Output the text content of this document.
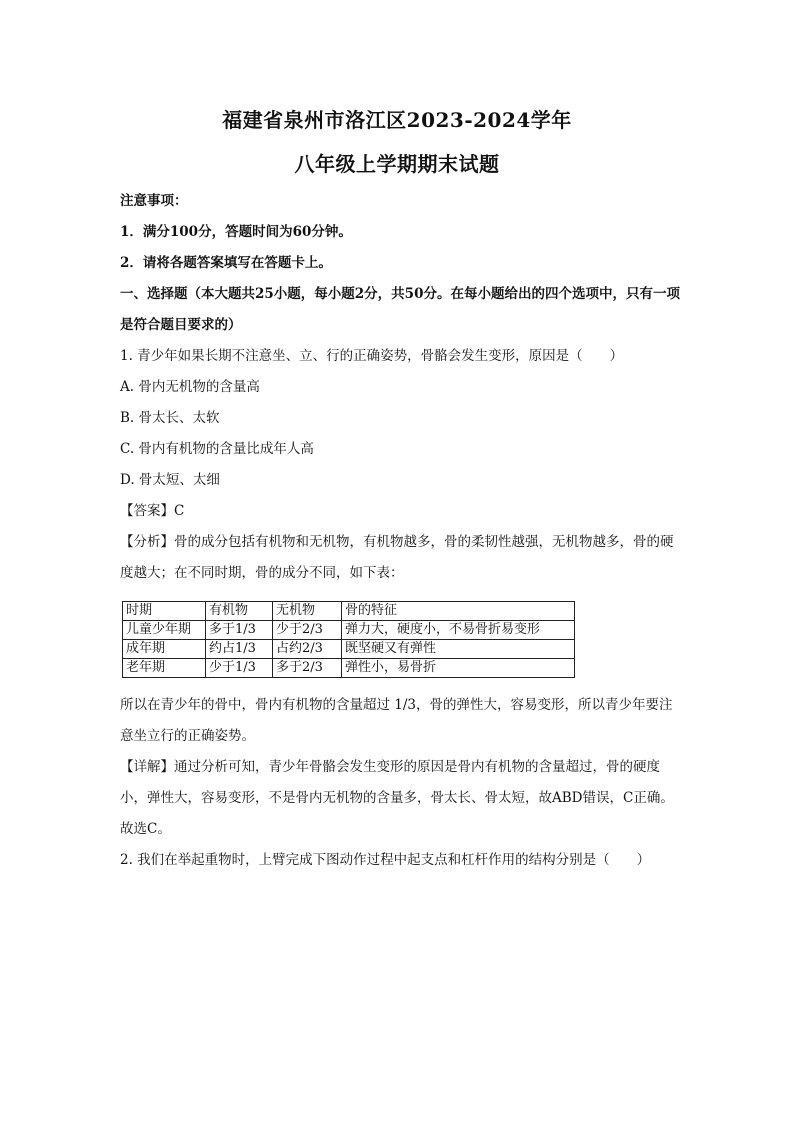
福建省泉州市洛江区2023-2024学年
八年级上学期期末试题
注意事项：
1．满分100分，答题时间为60分钟。
2．请将各题答案填写在答题卡上。
一、选择题（本大题共25小题，每小题2分，共50分。在每小题给出的四个选项中，只有一项是符合题目要求的）
1. 青少年如果长期不注意坐、立、行的正确姿势，骨骼会发生变形，原因是（　　）
A. 骨内无机物的含量高
B. 骨太长、太软
C. 骨内有机物的含量比成年人高
D. 骨太短、太细
【答案】C
【分析】骨的成分包括有机物和无机物，有机物越多，骨的柔韧性越强，无机物越多，骨的硬度越大；在不同时期，骨的成分不同，如下表：
时期	有机物	无机物	骨的特征
儿童少年期	多于1/3	少于2/3	弹力大，硬度小，不易骨折易变形
成年期	约占1/3	占约2/3	既坚硬又有弹性
老年期	少于1/3	多于2/3	弹性小，易骨折
所以在青少年的骨中，骨内有机物的含量超过 1/3，骨的弹性大，容易变形，所以青少年要注意坐立行的正确姿势。
【详解】通过分析可知，青少年骨骼会发生变形的原因是骨内有机物的含量超过，骨的硬度小，弹性大，容易变形，不是骨内无机物的含量多，骨太长、骨太短，故ABD错误，C正确。
故选C。
2. 我们在举起重物时，上臂完成下图动作过程中起支点和杠杆作用的结构分别是（　　）
